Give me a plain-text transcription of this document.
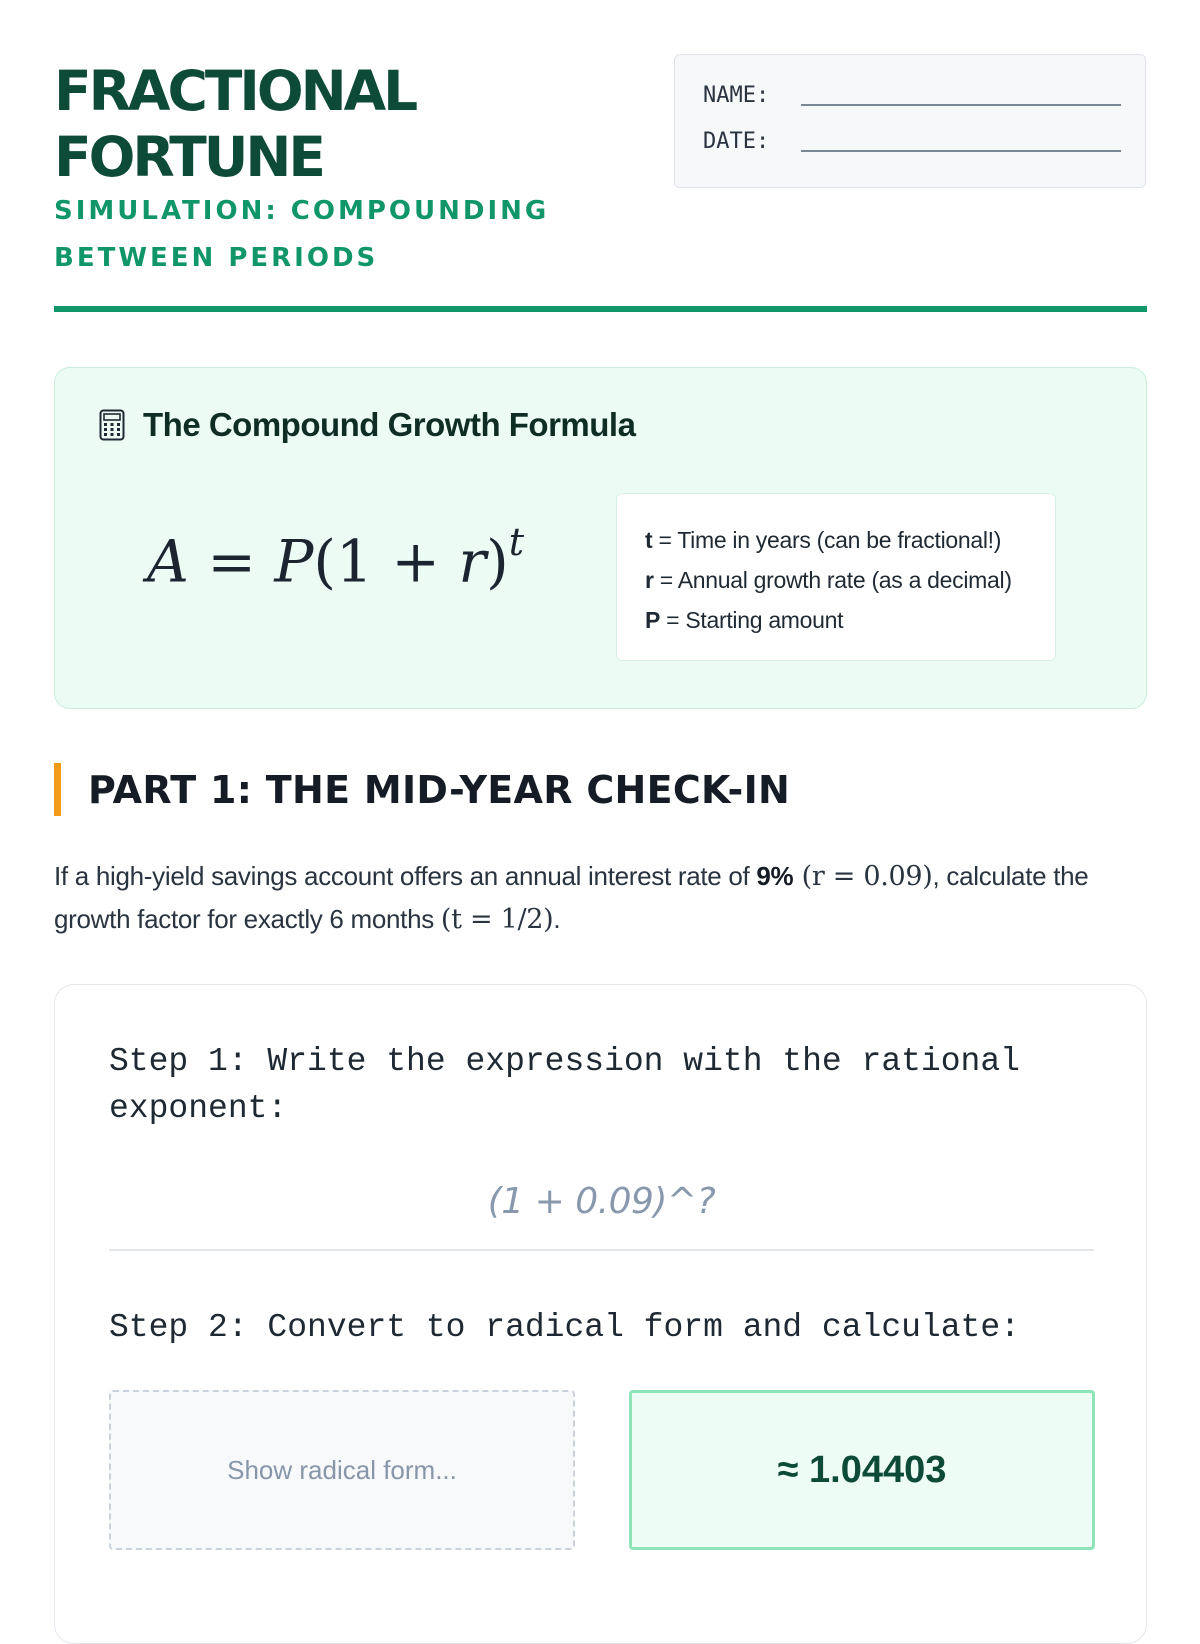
FRACTIONAL
FORTUNE
SIMULATION: COMPOUNDING BETWEEN PERIODS
NAME:
DATE:
The Compound Growth Formula
$A = P(1 + r)^t$	t = Time in years (can be fractional!)
r = Annual growth rate (as a decimal)
P = Starting amount
PART 1: THE MID-YEAR CHECK-IN
If a high-yield savings account offers an annual interest rate of 9% (r = 0.09), calculate the growth factor for exactly 6 months (t = 1/2).
Step 1: Write the expression with the rational exponent:
(1 + 0.09)^?
Step 2: Convert to radical form and calculate:
Show radical form...	≈ 1.04403
